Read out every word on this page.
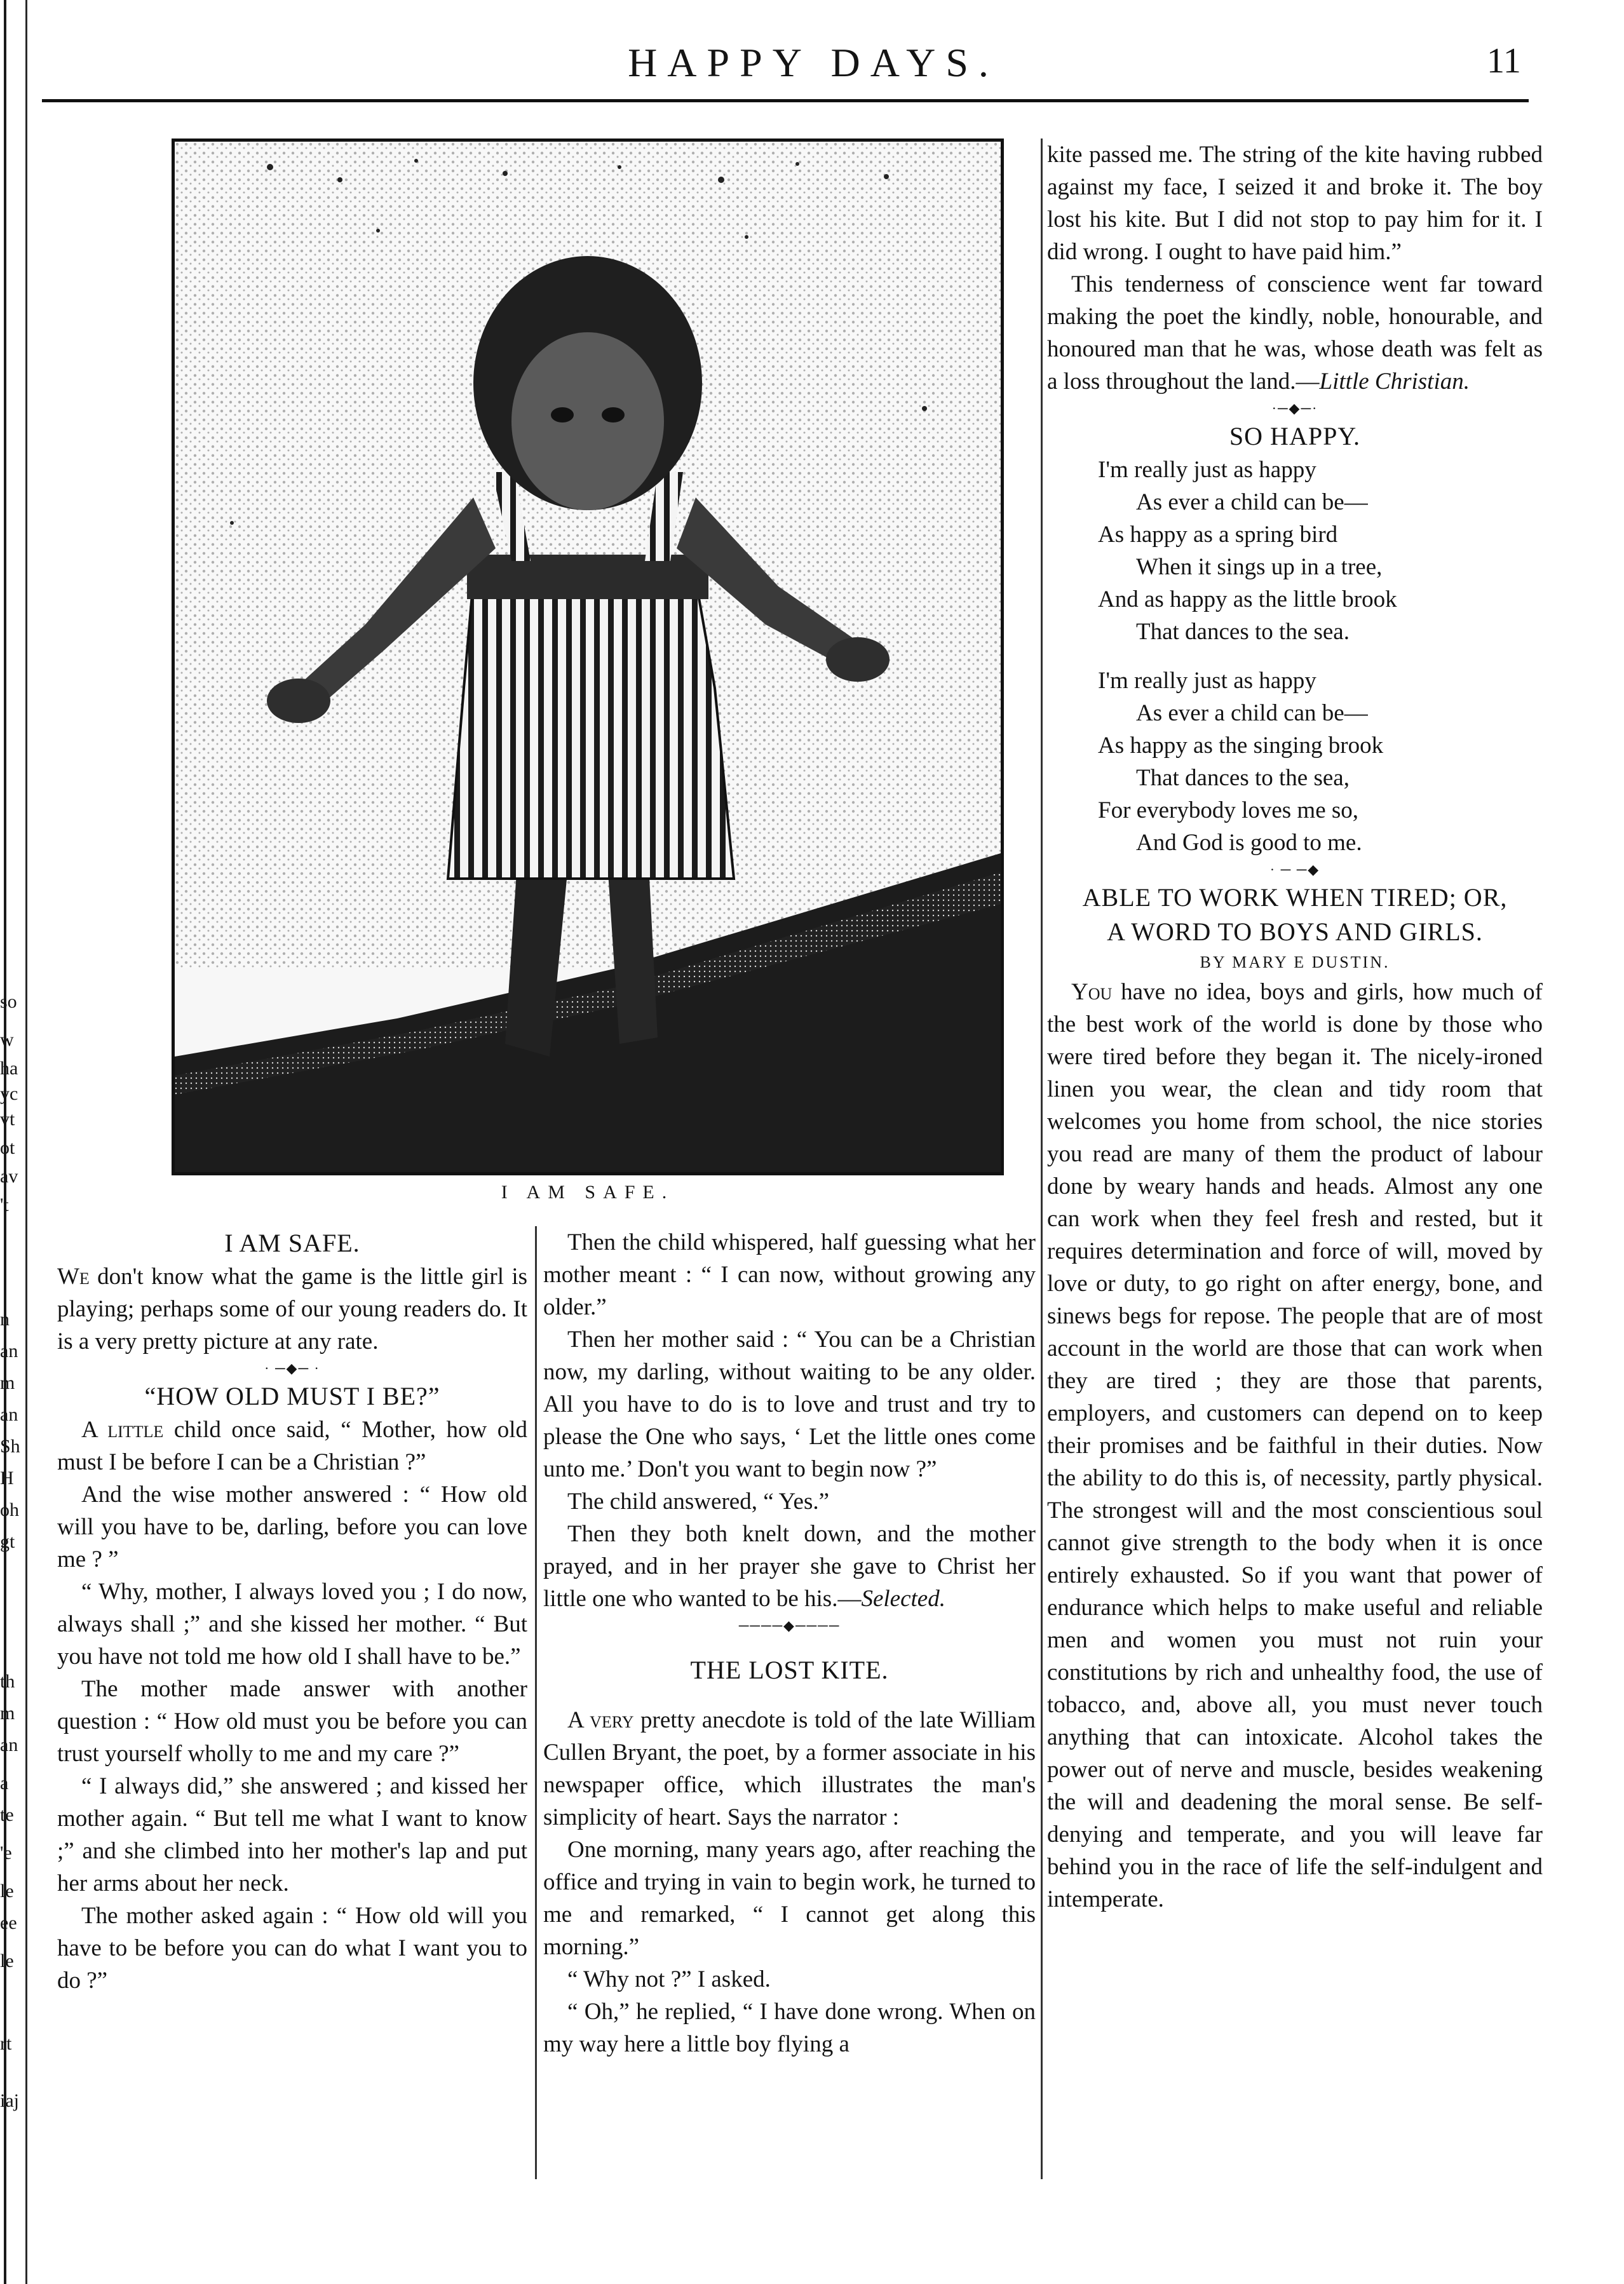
so
w
ha
yc
vt
ot
av
't
n
an
m
an
Sh
H
oh
gt
th
m
an
a
te
'e
le
ee
le
rt
iaj
HAPPY DAYS.	11
I AM SAFE.
I AM SAFE.

We don't know what the game is the little girl is playing; perhaps some of our young readers do. It is a very pretty picture at any rate.

· ─◆─ ·
“HOW OLD MUST I BE?”

A little child once said, “ Mother, how old must I be before I can be a Christian ?”

And the wise mother answered : “ How old will you have to be, darling, before you can love me ? ”

“ Why, mother, I always loved you ; I do now, always shall ;” and she kissed her mother. “ But you have not told me how old I shall have to be.”

The mother made answer with another question : “ How old must you be before you can trust yourself wholly to me and my care ?”

“ I always did,” she answered ; and kissed her mother again. “ But tell me what I want to know ;” and she climbed into her mother's lap and put her arms about her neck.

The mother asked again : “ How old will you have to be before you can do what I want you to do ?”

Then the child whispered, half guessing what her mother meant : “ I can now, without growing any older.”

Then her mother said : “ You can be a Christian now, my darling, without waiting to be any older. All you have to do is to love and trust and try to please the One who says, ‘ Let the little ones come unto me.’ Don't you want to begin now ?”

The child answered, “ Yes.”

Then they both knelt down, and the mother prayed, and in her prayer she gave to Christ her little one who wanted to be his.—Selected.

────◆────
THE LOST KITE.

A very pretty anecdote is told of the late William Cullen Bryant, the poet, by a former associate in his newspaper office, which illustrates the man's simplicity of heart. Says the narrator :

One morning, many years ago, after reaching the office and trying in vain to begin work, he turned to me and remarked, “ I cannot get along this morning.”

“ Why not ?” I asked.

“ Oh,” he replied, “ I have done wrong. When on my way here a little boy flying a

kite passed me. The string of the kite having rubbed against my face, I seized it and broke it. The boy lost his kite. But I did not stop to pay him for it. I did wrong. I ought to have paid him.”

This tenderness of conscience went far toward making the poet the kindly, noble, honourable, and honoured man that he was, whose death was felt as a loss throughout the land.—Little Christian.

·─◆─·
SO HAPPY.
I'm really just as happy
As ever a child can be—
As happy as a spring bird
When it sings up in a tree,
And as happy as the little brook
That dances to the sea.
I'm really just as happy
As ever a child can be—
As happy as the singing brook
That dances to the sea,
For everybody loves me so,
And God is good to me.
· ─ ─◆
ABLE TO WORK WHEN TIRED; OR,
A WORD TO BOYS AND GIRLS.
BY MARY E DUSTIN.

You have no idea, boys and girls, how much of the best work of the world is done by those who were tired before they began it. The nicely-ironed linen you wear, the clean and tidy room that welcomes you home from school, the nice stories you read are many of them the product of labour done by weary hands and heads. Almost any one can work when they feel fresh and rested, but it requires determination and force of will, moved by love or duty, to go right on after energy, bone, and sinews begs for repose. The people that are of most account in the world are those that can work when they are tired ; they are those that parents, employers, and customers can depend on to keep their promises and be faithful in their duties. Now the ability to do this is, of necessity, partly physical. The strongest will and the most conscientious soul cannot give strength to the body when it is once entirely exhausted. So if you want that power of endurance which helps to make useful and reliable men and women you must not ruin your constitutions by rich and unhealthy food, the use of tobacco, and, above all, you must never touch anything that can intoxicate. Alcohol takes the power out of nerve and muscle, besides weakening the will and deadening the moral sense. Be self-denying and temperate, and you will leave far behind you in the race of life the self-indulgent and intemperate.
